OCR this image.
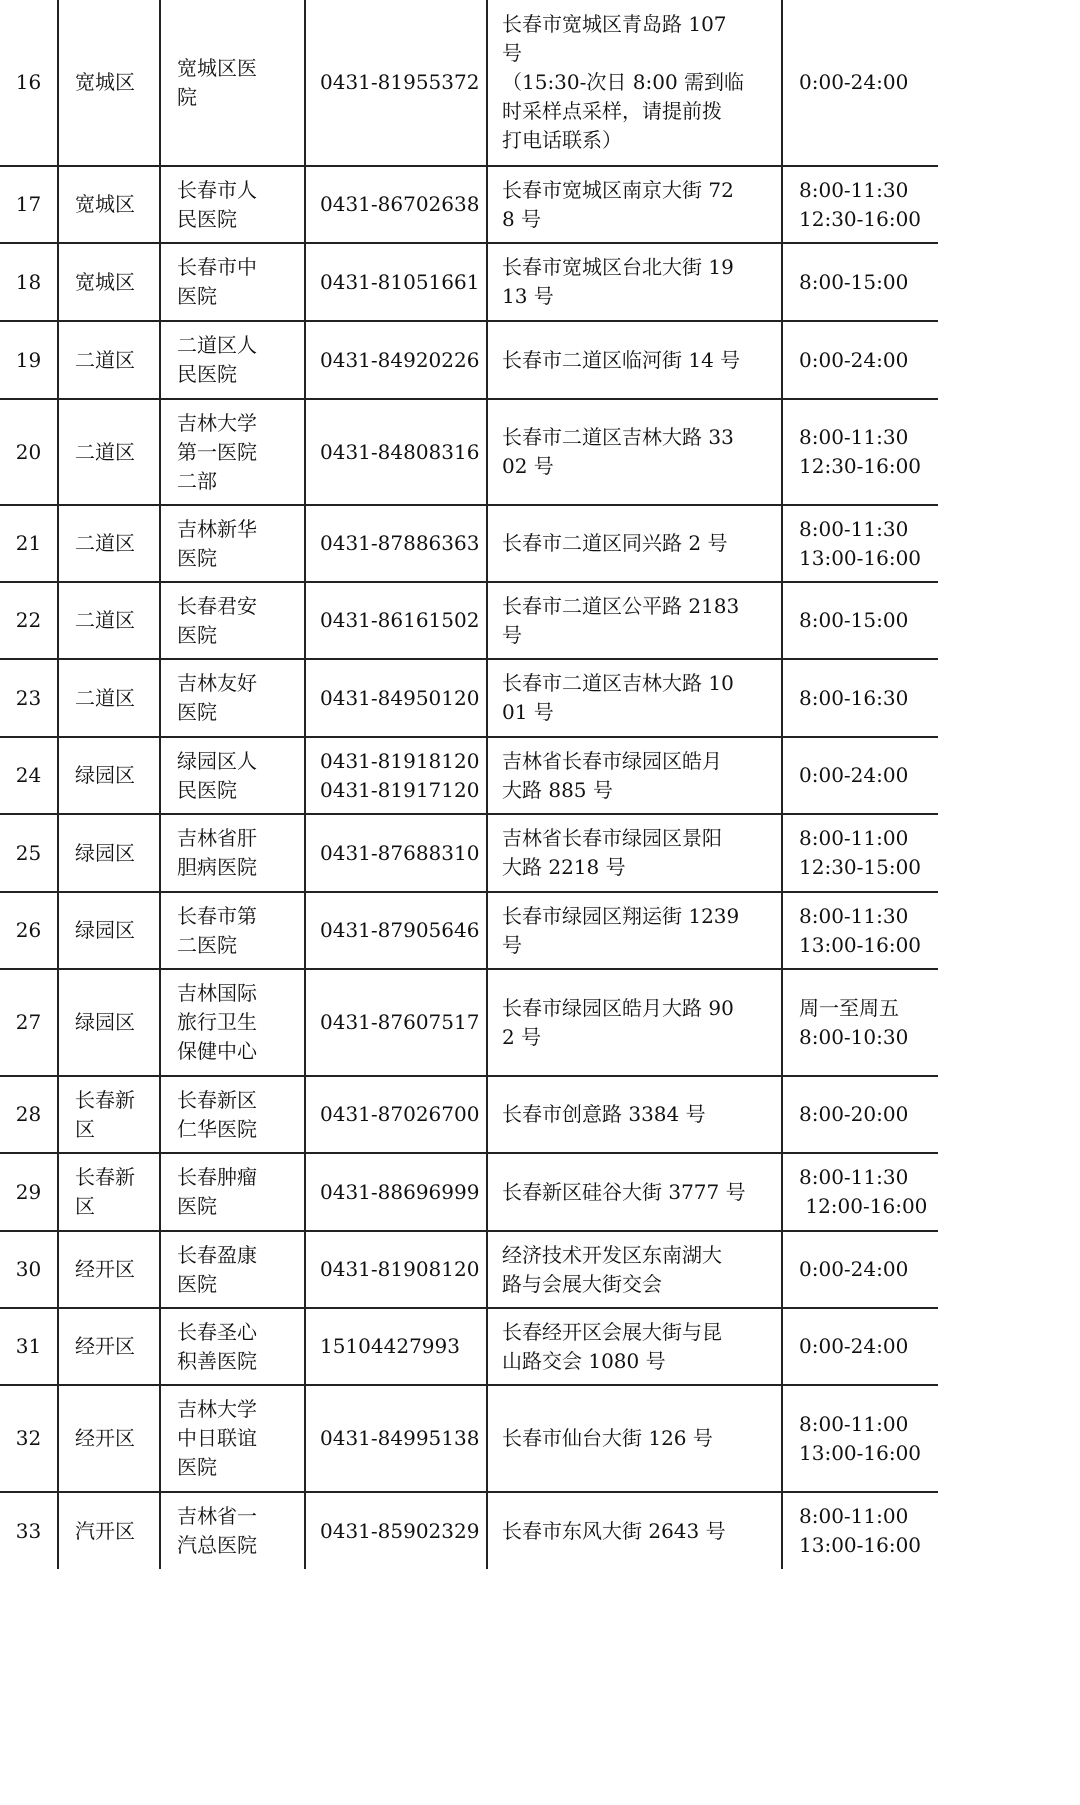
16	宽城区	宽城区医
院	0431-81955372	长春市宽城区青岛路 107
号
（15:30-次日 8:00 需到临
时采样点采样，请提前拨
打电话联系）	0:00-24:00
17	宽城区	长春市人
民医院	0431-86702638	长春市宽城区南京大街 72
8 号	8:00-11:30
12:30-16:00
18	宽城区	长春市中
医院	0431-81051661	长春市宽城区台北大街 19
13 号	8:00-15:00
19	二道区	二道区人
民医院	0431-84920226	长春市二道区临河街 14 号	0:00-24:00
20	二道区	吉林大学
第一医院
二部	0431-84808316	长春市二道区吉林大路 33
02 号	8:00-11:30
12:30-16:00
21	二道区	吉林新华
医院	0431-87886363	长春市二道区同兴路 2 号	8:00-11:30
13:00-16:00
22	二道区	长春君安
医院	0431-86161502	长春市二道区公平路 2183
号	8:00-15:00
23	二道区	吉林友好
医院	0431-84950120	长春市二道区吉林大路 10
01 号	8:00-16:30
24	绿园区	绿园区人
民医院	0431-81918120
0431-81917120	吉林省长春市绿园区皓月
大路 885 号	0:00-24:00
25	绿园区	吉林省肝
胆病医院	0431-87688310	吉林省长春市绿园区景阳
大路 2218 号	8:00-11:00
12:30-15:00
26	绿园区	长春市第
二医院	0431-87905646	长春市绿园区翔运街 1239
号	8:00-11:30
13:00-16:00
27	绿园区	吉林国际
旅行卫生
保健中心	0431-87607517	长春市绿园区皓月大路 90
2 号	周一至周五
8:00-10:30
28	长春新
区	长春新区
仁华医院	0431-87026700	长春市创意路 3384 号	8:00-20:00
29	长春新
区	长春肿瘤
医院	0431-88696999	长春新区硅谷大街 3777 号	8:00-11:30
12:00-16:00
30	经开区	长春盈康
医院	0431-81908120	经济技术开发区东南湖大
路与会展大街交会	0:00-24:00
31	经开区	长春圣心
积善医院	15104427993	长春经开区会展大街与昆
山路交会 1080 号	0:00-24:00
32	经开区	吉林大学
中日联谊
医院	0431-84995138	长春市仙台大街 126 号	8:00-11:00
13:00-16:00
33	汽开区	吉林省一
汽总医院	0431-85902329	长春市东风大街 2643 号	8:00-11:00
13:00-16:00
